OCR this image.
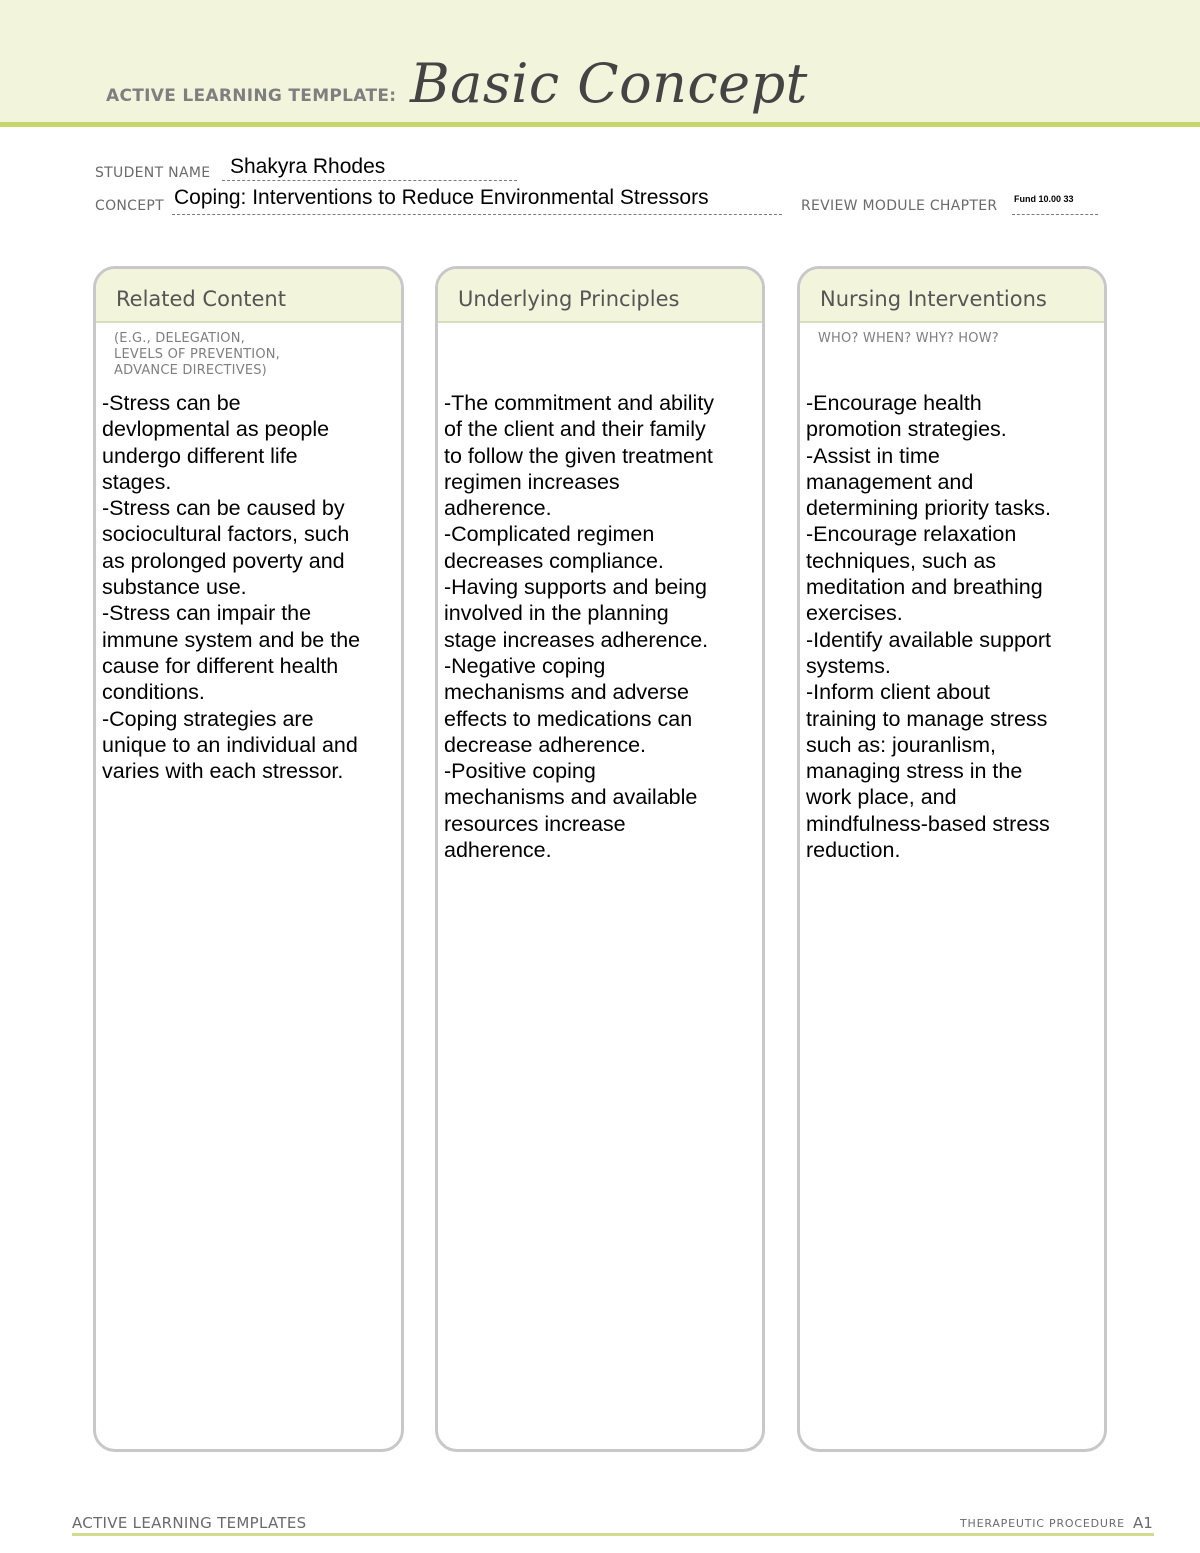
ACTIVE LEARNING TEMPLATE: Basic Concept
STUDENT NAME Shakyra Rhodes
CONCEPT Coping: Interventions to Reduce Environmental Stressors	REVIEW MODULE CHAPTER Fund 10.00 33
Related Content
(E.G., DELEGATION,
LEVELS OF PREVENTION,
ADVANCE DIRECTIVES)
-Stress can be
devlopmental as people
undergo different life
stages.
-Stress can be caused by
sociocultural factors, such
as prolonged poverty and
substance use.
-Stress can impair the
immune system and be the
cause for different health
conditions.
-Coping strategies are
unique to an individual and
varies with each stressor.
Underlying Principles
-The commitment and ability
of the client and their family
to follow the given treatment
regimen increases
adherence.
-Complicated regimen
decreases compliance.
-Having supports and being
involved in the planning
stage increases adherence.
-Negative coping
mechanisms and adverse
effects to medications can
decrease adherence.
-Positive coping
mechanisms and available
resources increase
adherence.
Nursing Interventions
WHO? WHEN? WHY? HOW?
-Encourage health
promotion strategies.
-Assist in time
management and
determining priority tasks.
-Encourage relaxation
techniques, such as
meditation and breathing
exercises.
-Identify available support
systems.
-Inform client about
training to manage stress
such as: jouranlism,
managing stress in the
work place, and
mindfulness-based stress
reduction.
ACTIVE LEARNING TEMPLATES	THERAPEUTIC PROCEDURE A1
